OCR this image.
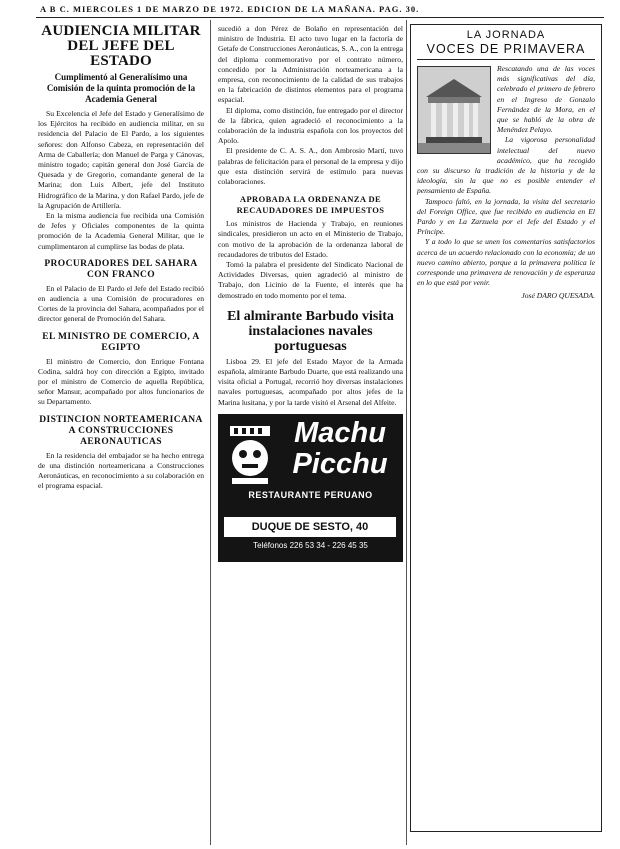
A B C. MIERCOLES 1 DE MARZO DE 1972. EDICION DE LA MAÑANA. PAG. 30.
AUDIENCIA MILITAR DEL JEFE DEL ESTADO
Cumplimentó al Generalísimo una Comisión de la quinta promoción de la Academia General

Su Excelencia el Jefe del Estado y Generalísimo de los Ejércitos ha recibido en audiencia militar, en su residencia del Palacio de El Pardo, a los siguientes señores: don Alfonso Cabeza, en representación del Arma de Caballería; don Manuel de Parga y Cánovas, ministro togado; capitán general don José García de Quesada y de Gregorio, comandante general de la Marina; don Luis Albert, jefe del Instituto Hidrográfico de la Marina, y don Rafael Pardo, jefe de la Agrupación de Artillería.

En la misma audiencia fue recibida una Comisión de Jefes y Oficiales componentes de la quinta promoción de la Academia General Militar, que le cumplimentaron al cumplirse las bodas de plata.

PROCURADORES DEL SAHARA CON FRANCO

En el Palacio de El Pardo el Jefe del Estado recibió en audiencia a una Comisión de procuradores en Cortes de la provincia del Sahara, acompañados por el director general de Promoción del Sahara.

EL MINISTRO DE COMERCIO, A EGIPTO

El ministro de Comercio, don Enrique Fontana Codina, saldrá hoy con dirección a Egipto, invitado por el ministro de Comercio de aquella República, señor Mansur, acompañado por altos funcionarios de su Departamento.

DISTINCION NORTEAMERICANA A CONSTRUCCIONES AERONAUTICAS

En la residencia del embajador se ha hecho entrega de una distinción norteamericana a Construcciones Aeronáuticas, en reconocimiento a su colaboración en el programa espacial.

sucedió a don Pérez de Bolaño en representación del ministro de Industria. El acto tuvo lugar en la factoría de Getafe de Construcciones Aeronáuticas, S. A., con la entrega del diploma conmemorativo por el contrato número, concedido por la Administración norteamericana a la empresa, con reconocimiento de la calidad de sus trabajos en la fabricación de distintos elementos para el programa espacial.

El diploma, como distinción, fue entregado por el director de la fábrica, quien agradeció el reconocimiento a la colaboración de la industria española con los proyectos del Apolo.

El presidente de C. A. S. A., don Ambrosio Martí, tuvo palabras de felicitación para el personal de la empresa y dijo que esta distinción servirá de estímulo para nuevas colaboraciones.

APROBADA LA ORDENANZA DE RECAUDADORES DE IMPUESTOS

Los ministros de Hacienda y Trabajo, en reuniones sindicales, presidieron un acto en el Ministerio de Trabajo, con motivo de la aprobación de la ordenanza laboral de recaudadores de tributos del Estado.

Tomó la palabra el presidente del Sindicato Nacional de Actividades Diversas, quien agradeció al ministro de Trabajo, don Licinio de la Fuente, el interés que ha demostrado en todo momento por el tema.

El almirante Barbudo visita instalaciones navales portuguesas

Lisboa 29. El jefe del Estado Mayor de la Armada española, almirante Barbudo Duarte, que está realizando una visita oficial a Portugal, recorrió hoy diversas instalaciones navales portuguesas, acompañado por altos jefes de la Marina lusitana, y por la tarde visitó el Arsenal del Alfeite.

Machu Picchu
RESTAURANTE PERUANO
DUQUE DE SESTO, 40
Teléfonos 226 53 34 - 226 45 35
LA JORNADA
VOCES DE PRIMAVERA
Rescatando una de las voces más significativas del día, celebrado el primero de febrero en el Ingreso de Gonzalo Fernández de la Mora, en el que se habló de la obra de Menéndez Pelayo.
La vigorosa personalidad intelectual del nuevo académico, que ha recogido con su discurso la tradición de la historia y de la ideología, sin la que no es posible entender el pensamiento de España.
Tampoco faltó, en la jornada, la visita del secretario del Foreign Office, que fue recibido en audiencia en El Pardo y en La Zarzuela por el Jefe del Estado y el Príncipe.
Y a todo lo que se unen los comentarios satisfactorios acerca de un acuerdo relacionado con la economía; de un nuevo camino abierto, porque a la primavera política le corresponde una primavera de renovación y de esperanza en lo que está por venir.
José DARO QUESADA.
